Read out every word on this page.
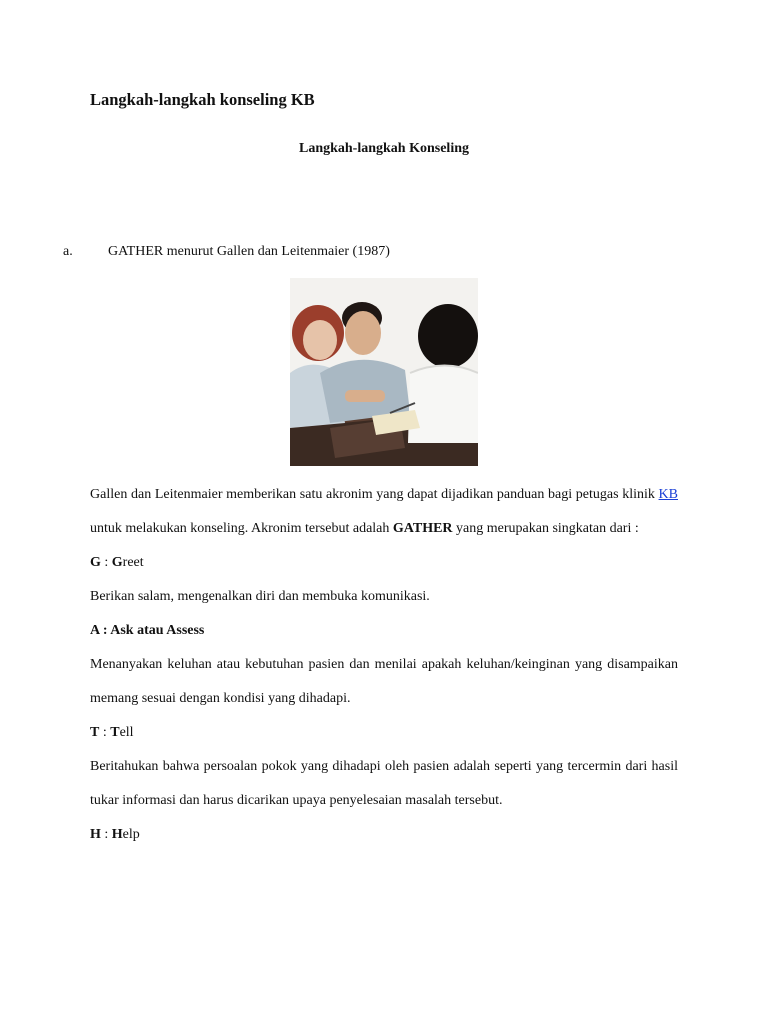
Langkah-langkah konseling KB
Langkah-langkah Konseling
a.	GATHER menurut Gallen dan Leitenmaier (1987)

Gallen dan Leitenmaier memberikan satu akronim yang dapat dijadikan panduan bagi petugas klinik KB untuk melakukan konseling. Akronim tersebut adalah GATHER yang merupakan singkatan dari :

G : Greet

Berikan salam, mengenalkan diri dan membuka komunikasi.

A : Ask atau Assess

Menanyakan keluhan atau kebutuhan pasien dan menilai apakah keluhan/keinginan yang disampaikan memang sesuai dengan kondisi yang dihadapi.

T : Tell

Beritahukan bahwa persoalan pokok yang dihadapi oleh pasien adalah seperti yang tercermin dari hasil tukar informasi dan harus dicarikan upaya penyelesaian masalah tersebut.

H : Help
